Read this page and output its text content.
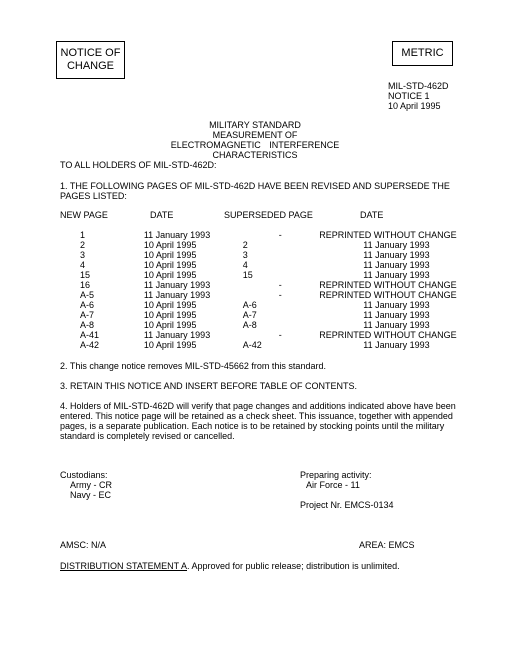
NOTICE OF
CHANGE
METRIC
MIL-STD-462D
NOTICE 1
10 April 1995
MILITARY STANDARD
MEASUREMENT OF
ELECTROMAGNETIC INTERFERENCE
CHARACTERISTICS
TO ALL HOLDERS OF MIL-STD-462D:
1. THE FOLLOWING PAGES OF MIL-STD-462D HAVE BEEN REVISED AND SUPERSEDE THE
PAGES LISTED:
NEW PAGE	DATE	SUPERSEDED PAGE	DATE
1	11 January 1993	-	REPRINTED WITHOUT CHANGE
2	10 April 1995	2	11 January 1993
3	10 April 1995	3	11 January 1993
4	10 April 1995	4	11 January 1993
15	10 April 1995	15	11 January 1993
16	11 January 1993	-	REPRINTED WITHOUT CHANGE
A-5	11 January 1993	-	REPRINTED WITHOUT CHANGE
A-6	10 April 1995	A-6	11 January 1993
A-7	10 April 1995	A-7	11 January 1993
A-8	10 April 1995	A-8	11 January 1993
A-41	11 January 1993	-	REPRINTED WITHOUT CHANGE
A-42	10 April 1995	A-42	11 January 1993
2. This change notice removes MIL-STD-45662 from this standard.
3. RETAIN THIS NOTICE AND INSERT BEFORE TABLE OF CONTENTS.
4. Holders of MIL-STD-462D will verify that page changes and additions indicated above have been
entered. This notice page will be retained as a check sheet. This issuance, together with appended
pages, is a separate publication. Each notice is to be retained by stocking points until the military
standard is completely revised or cancelled.
Custodians:
Army - CR
Navy - EC
Preparing activity:
Air Force - 11
Project Nr. EMCS-0134
AMSC: N/A	AREA: EMCS
DISTRIBUTION STATEMENT A. Approved for public release; distribution is unlimited.
